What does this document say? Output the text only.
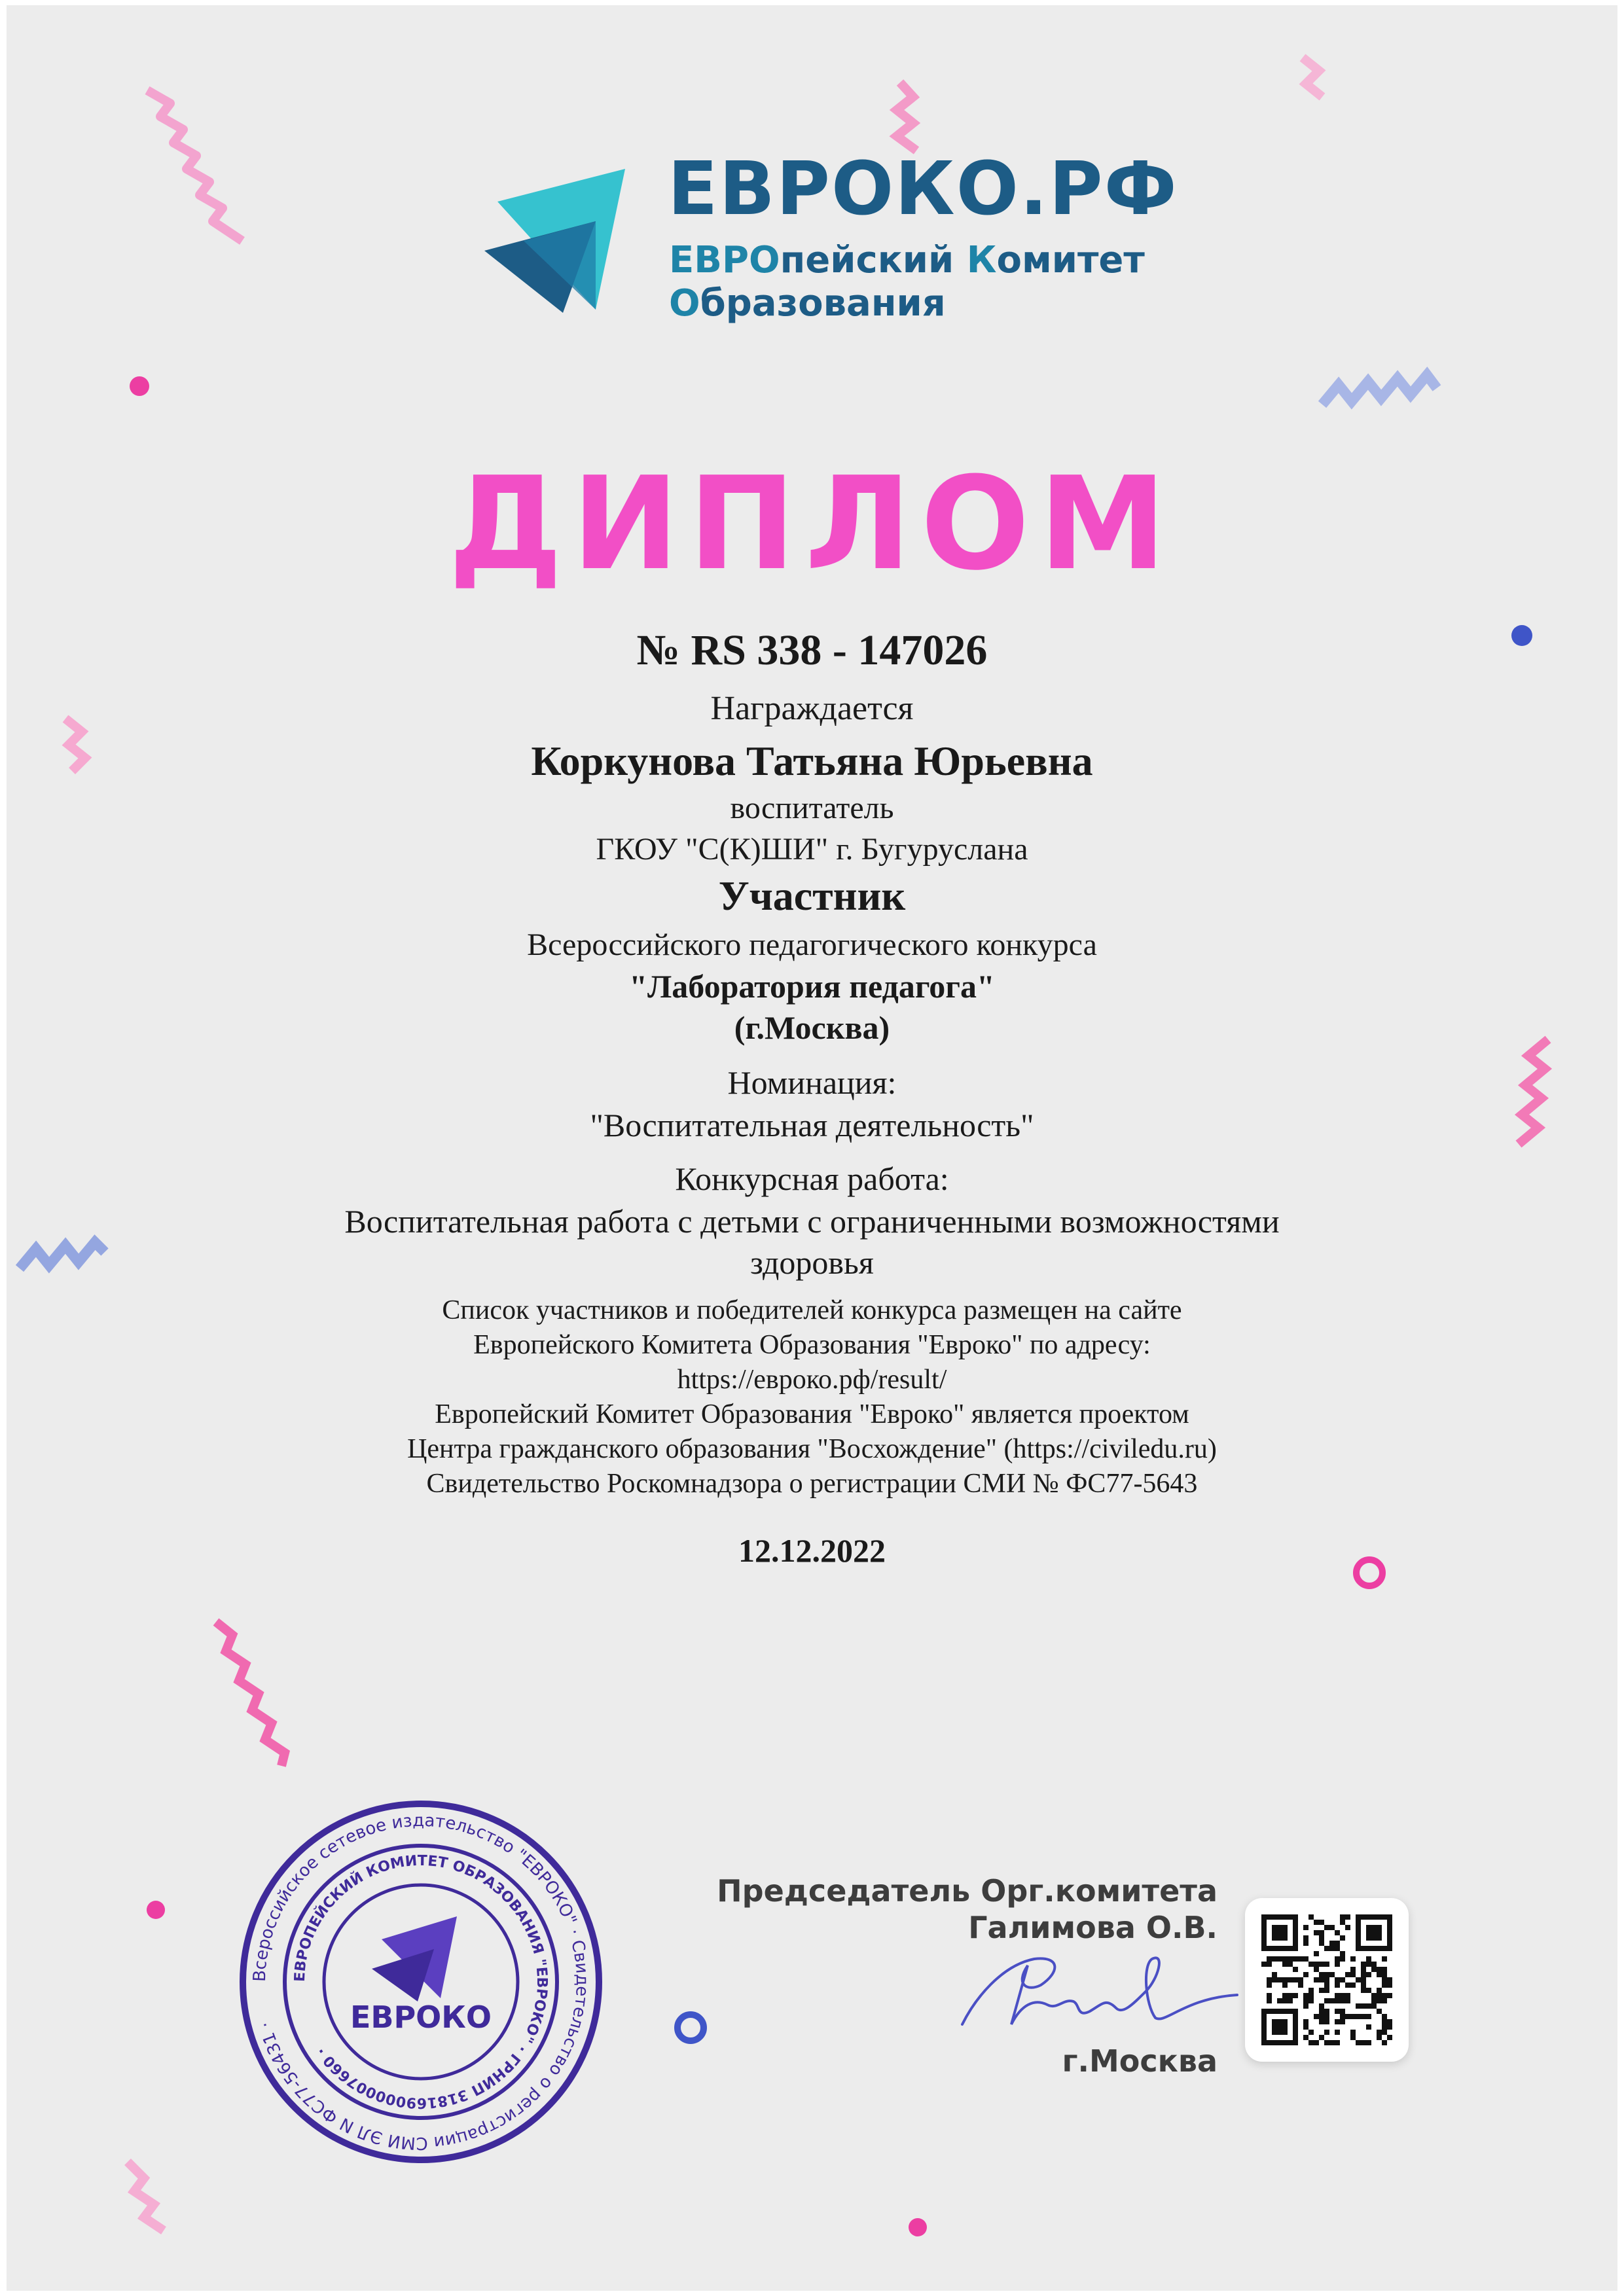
ЕВРОКО.РФ
ЕВРОпейский Комитет
Образования
ДИПЛОМ
№ RS 338 - 147026
Награждается
Коркунова Татьяна Юрьевна
воспитатель
ГКОУ "С(К)ШИ" г. Бугуруслана
Участник
Всероссийского педагогического конкурса
"Лаборатория педагога"
(г.Москва)
Номинация:
"Воспитательная деятельность"
Конкурсная работа:
Воспитательная работа с детьми с ограниченными возможностями
здоровья
Список участников и победителей конкурса размещен на сайте
Европейского Комитета Образования "Евроко" по адресу:
https://евроко.рф/result/
Европейский Комитет Образования "Евроко" является проектом
Центра гражданского образования "Восхождение" (https://civiledu.ru)
Свидетельство Роскомнадзора о регистрации СМИ № ФС77-5643
12.12.2022
Всероссийское сетевое издательство "ЕВРОКО" · Свидетельство о регистрации СМИ ЭЛ N ФС77-56431 ·
ЕВРОПЕЙСКИЙ КОМИТЕТ ОБРАЗОВАНИЯ "ЕВРОКО" · ГРНИП 318169000007660 ·
ЕВРОКО
Председатель Орг.комитета
Галимова О.В.
г.Москва
